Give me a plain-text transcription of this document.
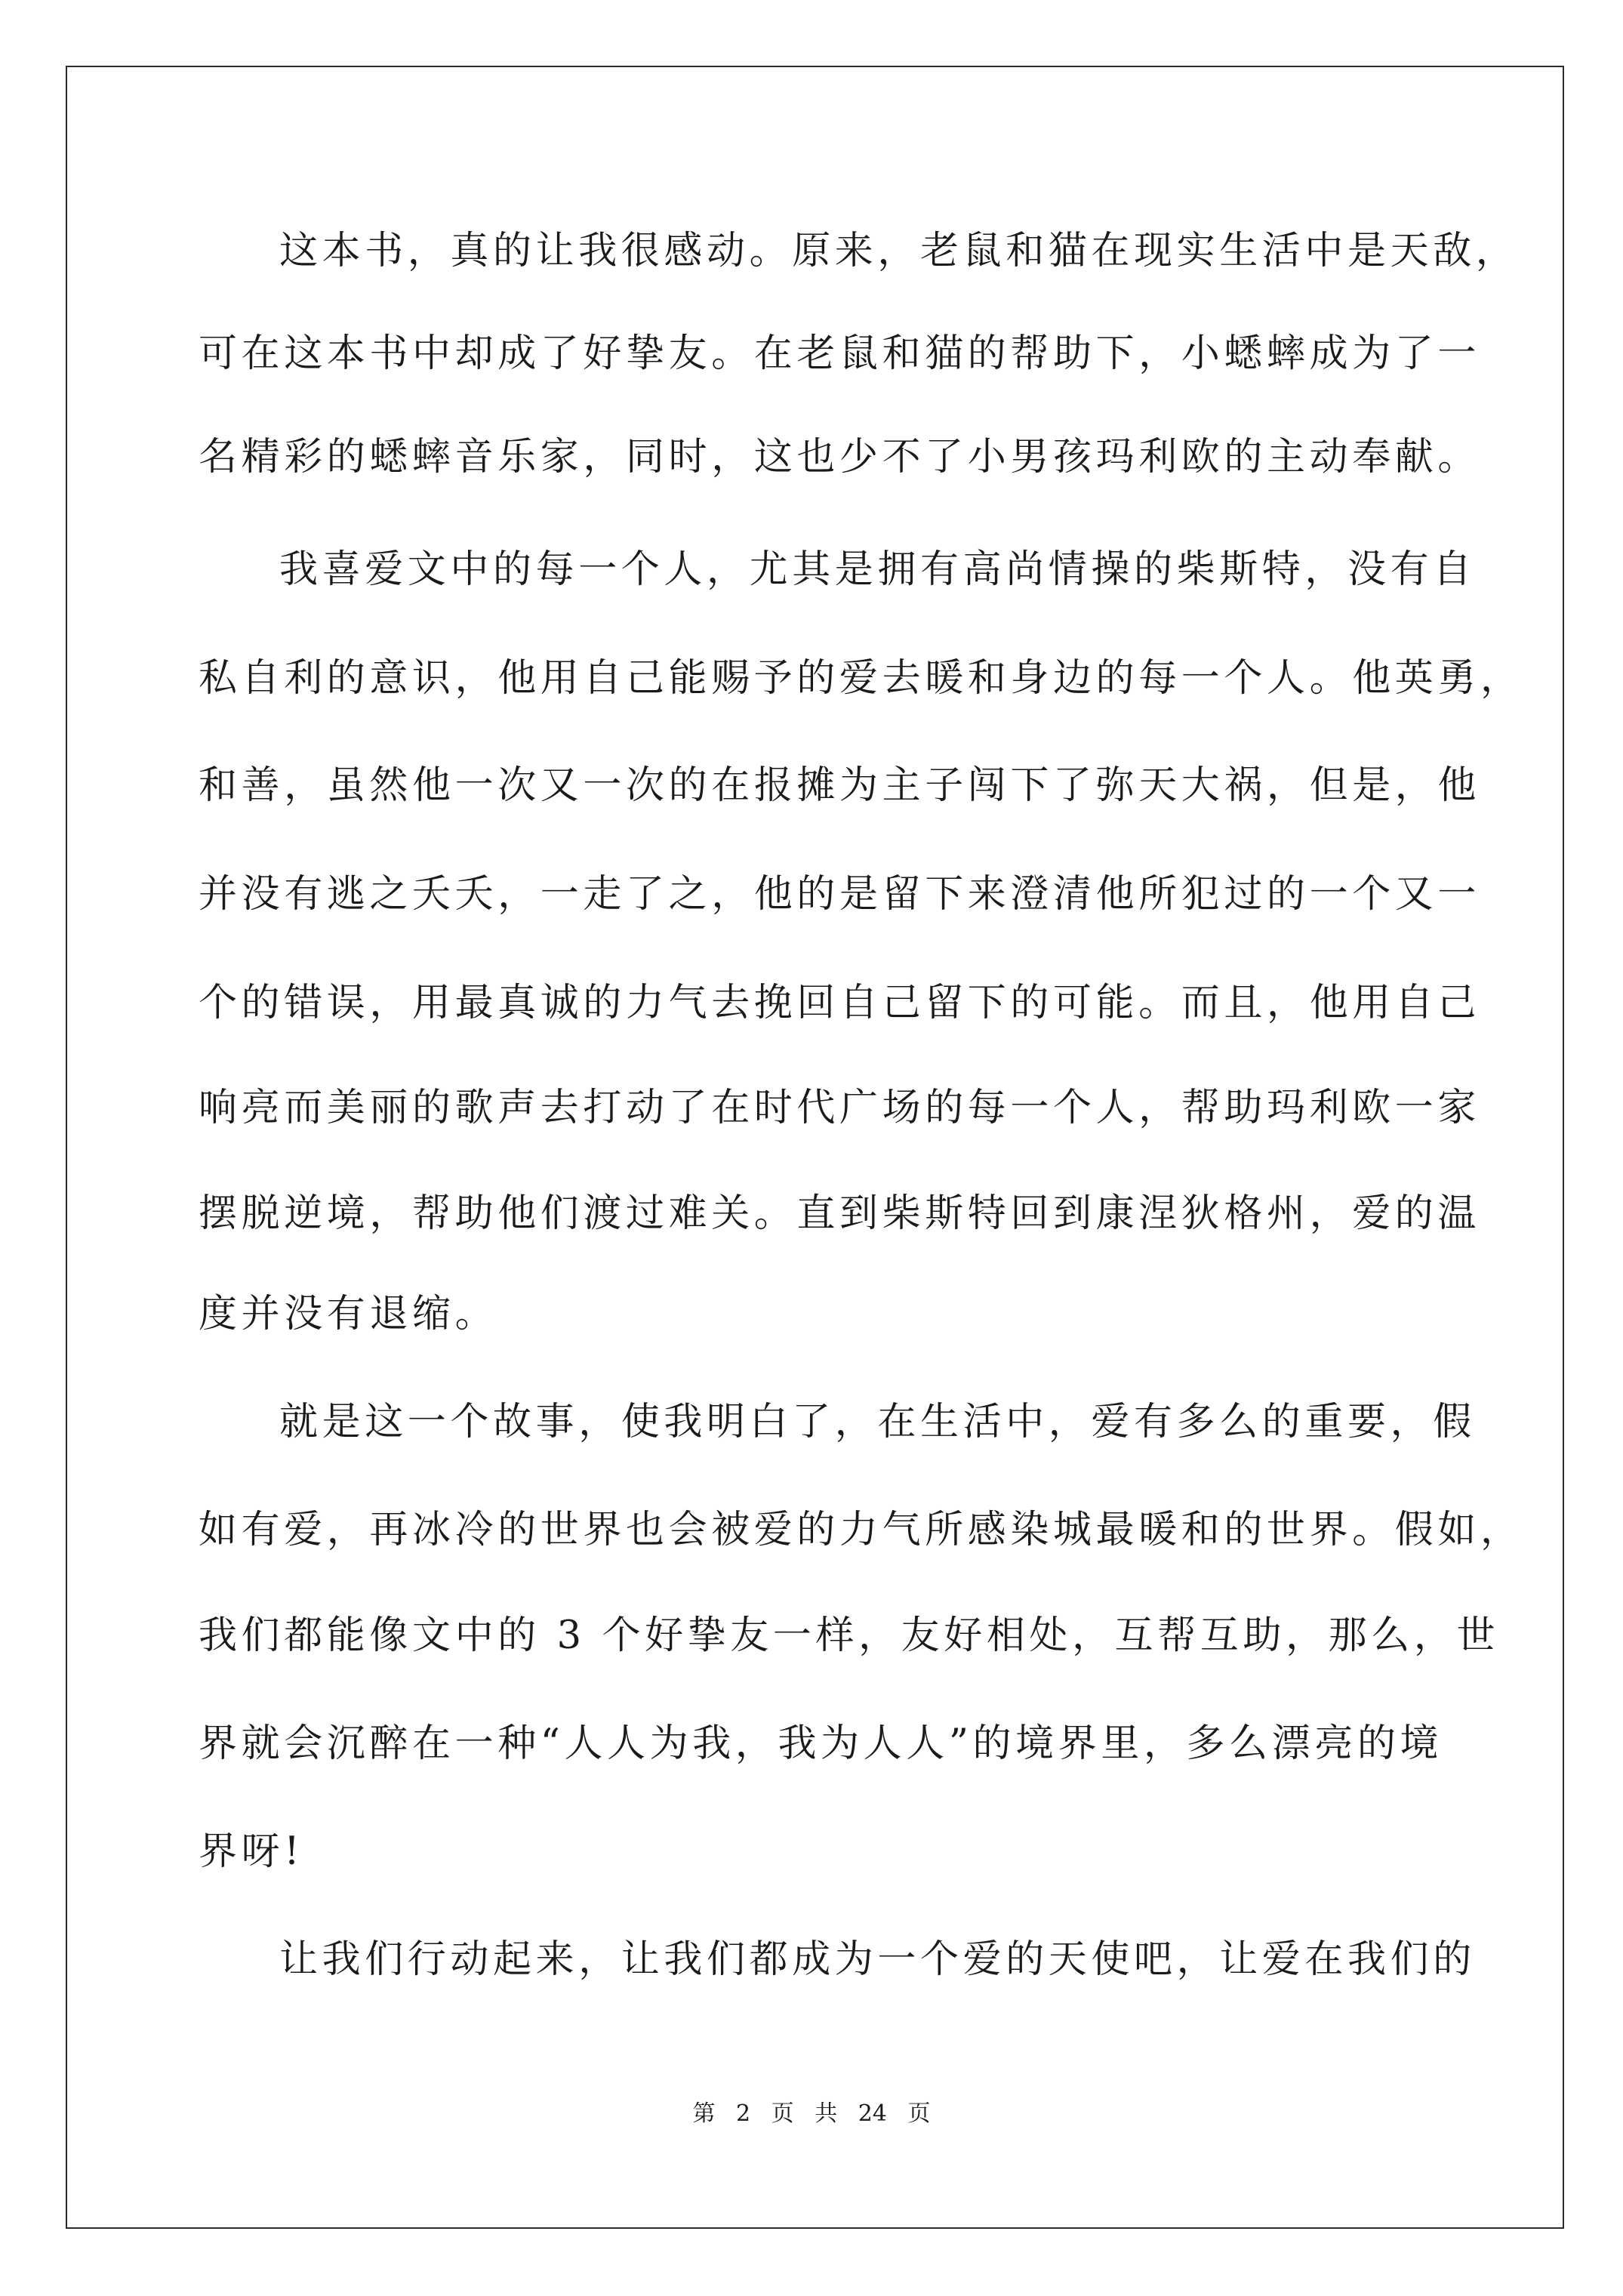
这本书，真的让我很感动。原来，老鼠和猫在现实生活中是天敌，
可在这本书中却成了好挚友。在老鼠和猫的帮助下，小蟋蟀成为了一
名精彩的蟋蟀音乐家，同时，这也少不了小男孩玛利欧的主动奉献。
我喜爱文中的每一个人，尤其是拥有高尚情操的柴斯特，没有自
私自利的意识，他用自己能赐予的爱去暖和身边的每一个人。他英勇，
和善，虽然他一次又一次的在报摊为主子闯下了弥天大祸，但是，他
并没有逃之夭夭，一走了之，他的是留下来澄清他所犯过的一个又一
个的错误，用最真诚的力气去挽回自己留下的可能。而且，他用自己
响亮而美丽的歌声去打动了在时代广场的每一个人，帮助玛利欧一家
摆脱逆境，帮助他们渡过难关。直到柴斯特回到康涅狄格州，爱的温
度并没有退缩。
就是这一个故事，使我明白了，在生活中，爱有多么的重要，假
如有爱，再冰冷的世界也会被爱的力气所感染城最暖和的世界。假如，
我们都能像文中的 3 个好挚友一样，友好相处，互帮互助，那么，世
界就会沉醉在一种“人人为我，我为人人”的境界里，多么漂亮的境
界呀!
让我们行动起来，让我们都成为一个爱的天使吧，让爱在我们的
第 2 页 共 24 页
